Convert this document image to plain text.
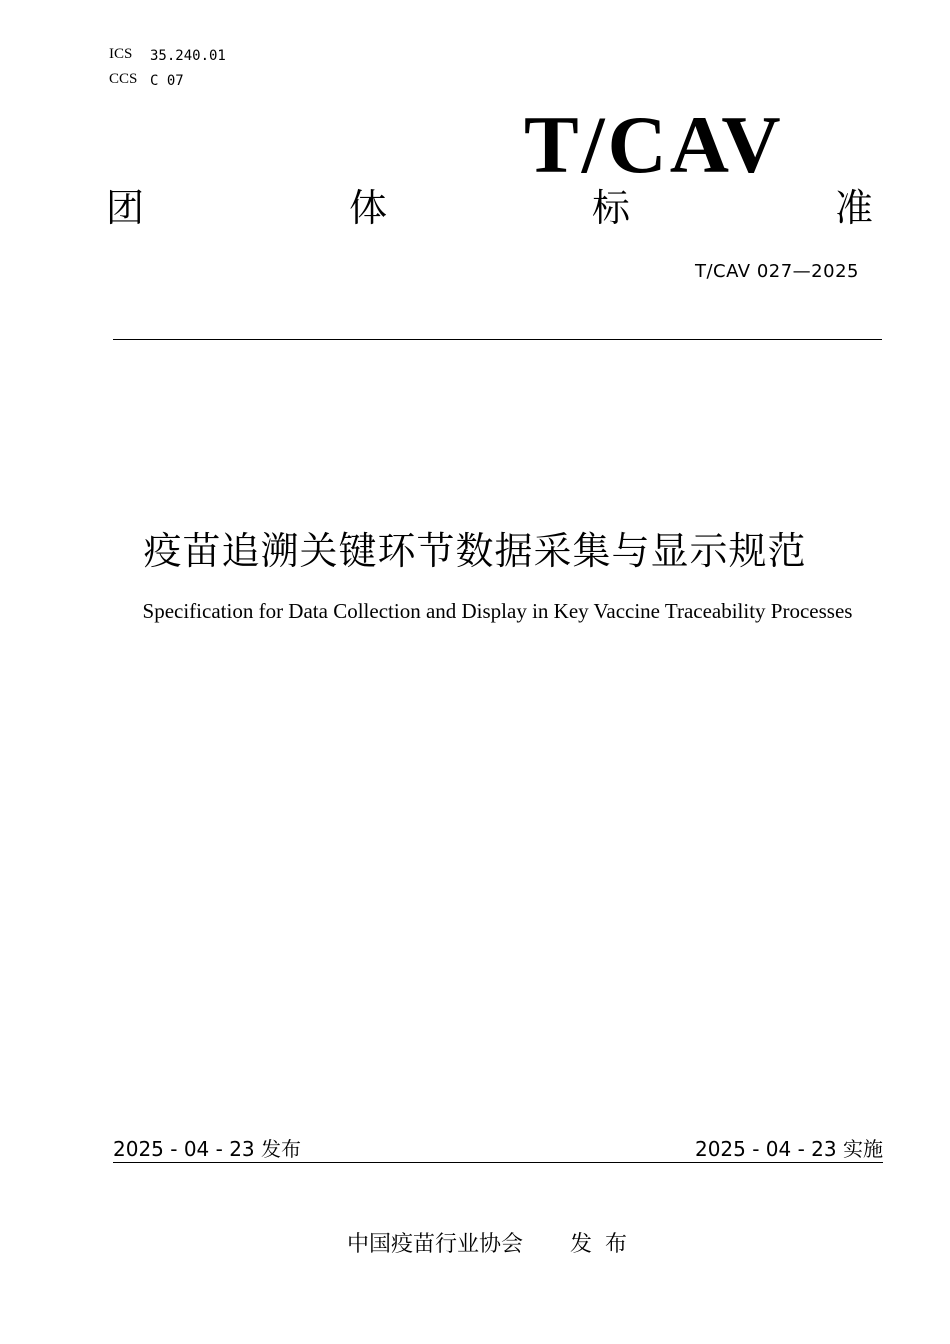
ICS 35.240.01
CCS C 07
T/CAV
团	体	标	准
T/CAV 027—2025
疫苗追溯关键环节数据采集与显示规范
Specification for Data Collection and Display in Key Vaccine Traceability Processes
2025 - 04 - 23 发布	2025 - 04 - 23 实施
中国疫苗行业协会 发 布
